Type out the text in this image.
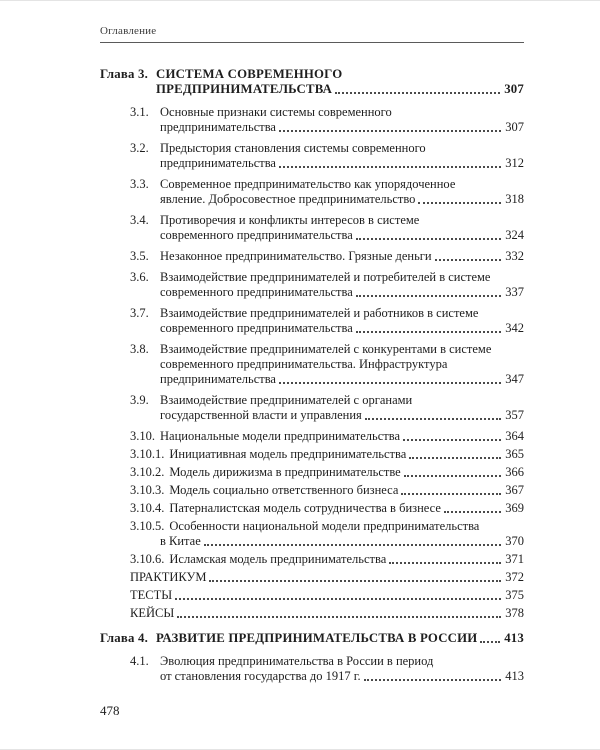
Оглавление
Глава 3. СИСТЕМА СОВРЕМЕННОГО
ПРЕДПРИНИМАТЕЛЬСТВА	307
3.1. Основные признаки системы современного
предпринимательства	307
3.2. Предыстория становления системы современного
предпринимательства	312
3.3. Современное предпринимательство как упорядоченное
явление. Добросовестное предпринимательство	318
3.4. Противоречия и конфликты интересов в системе
современного предпринимательства	324
3.5. Незаконное предпринимательство. Грязные деньги	332
3.6. Взаимодействие предпринимателей и потребителей в системе
современного предпринимательства	337
3.7. Взаимодействие предпринимателей и работников в системе
современного предпринимательства	342
3.8. Взаимодействие предпринимателей с конкурентами в системе
современного предпринимательства. Инфраструктура
предпринимательства	347
3.9. Взаимодействие предпринимателей с органами
государственной власти и управления	357
3.10. Национальные модели предпринимательства	364
3.10.1. Инициативная модель предпринимательства	365
3.10.2. Модель дирижизма в предпринимательстве	366
3.10.3. Модель социально ответственного бизнеса	367
3.10.4. Патерналистская модель сотрудничества в бизнесе	369
3.10.5. Особенности национальной модели предпринимательства
в Китае	370
3.10.6. Исламская модель предпринимательства	371
ПРАКТИКУМ	372
ТЕСТЫ	375
КЕЙСЫ	378
Глава 4. РАЗВИТИЕ ПРЕДПРИНИМАТЕЛЬСТВА В РОССИИ 413
4.1. Эволюция предпринимательства в России в период
от становления государства до 1917 г.	413
478
